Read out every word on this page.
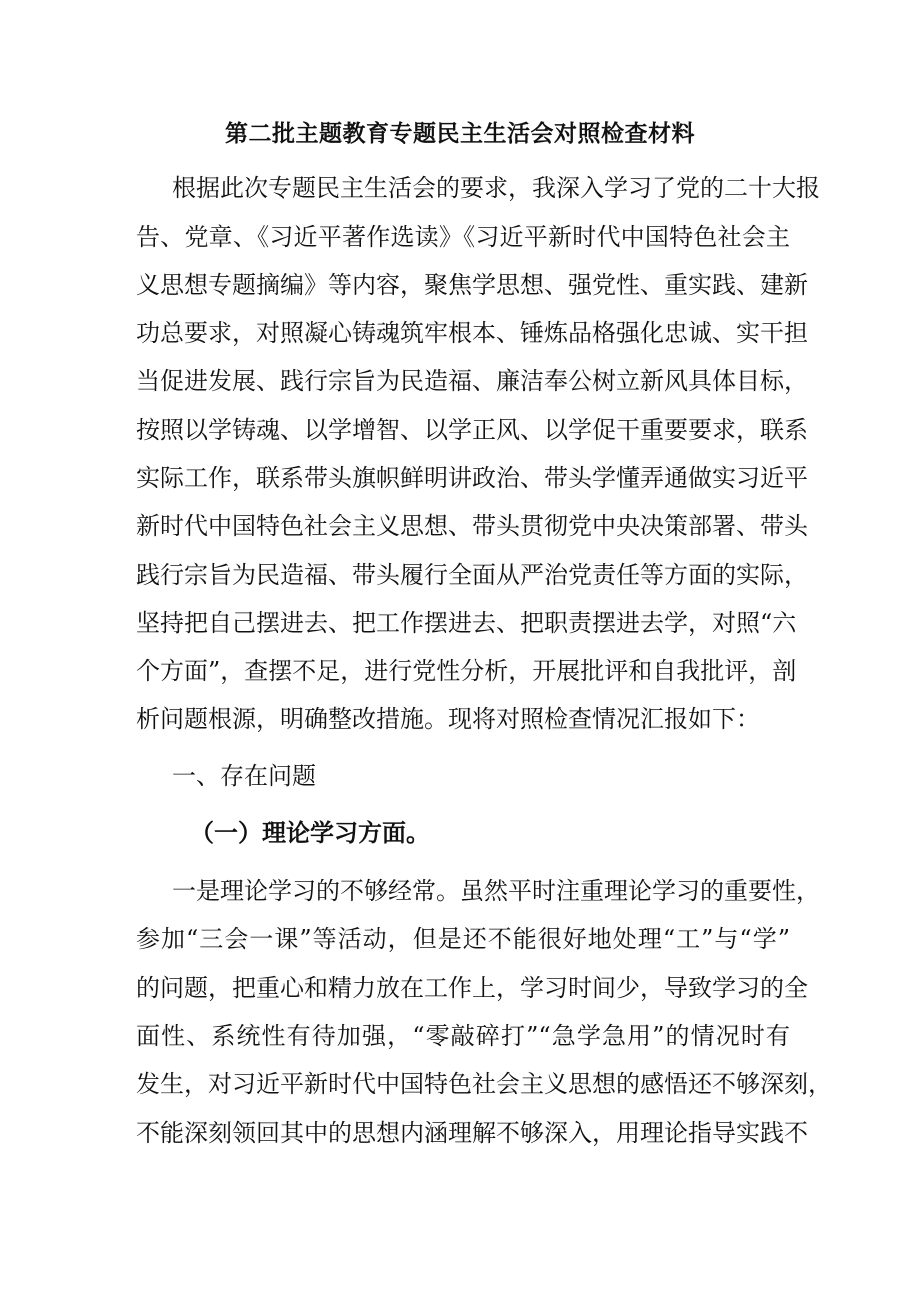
第二批主题教育专题民主生活会对照检查材料
根据此次专题民主生活会的要求，我深入学习了党的二十大报
告、党章、《习近平著作选读》《习近平新时代中国特色社会主
义思想专题摘编》等内容，聚焦学思想、强党性、重实践、建新
功总要求，对照凝心铸魂筑牢根本、锤炼品格强化忠诚、实干担
当促进发展、践行宗旨为民造福、廉洁奉公树立新风具体目标，
按照以学铸魂、以学增智、以学正风、以学促干重要要求，联系
实际工作，联系带头旗帜鲜明讲政治、带头学懂弄通做实习近平
新时代中国特色社会主义思想、带头贯彻党中央决策部署、带头
践行宗旨为民造福、带头履行全面从严治党责任等方面的实际，
坚持把自己摆进去、把工作摆进去、把职责摆进去学，对照“六
个方面”，查摆不足，进行党性分析，开展批评和自我批评，剖
析问题根源，明确整改措施。现将对照检查情况汇报如下：
一、存在问题
（一）理论学习方面。
一是理论学习的不够经常。虽然平时注重理论学习的重要性，
参加“三会一课”等活动，但是还不能很好地处理“工”与“学”
的问题，把重心和精力放在工作上，学习时间少，导致学习的全
面性、系统性有待加强，“零敲碎打”“急学急用”的情况时有
发生，对习近平新时代中国特色社会主义思想的感悟还不够深刻，
不能深刻领回其中的思想内涵理解不够深入，用理论指导实践不
